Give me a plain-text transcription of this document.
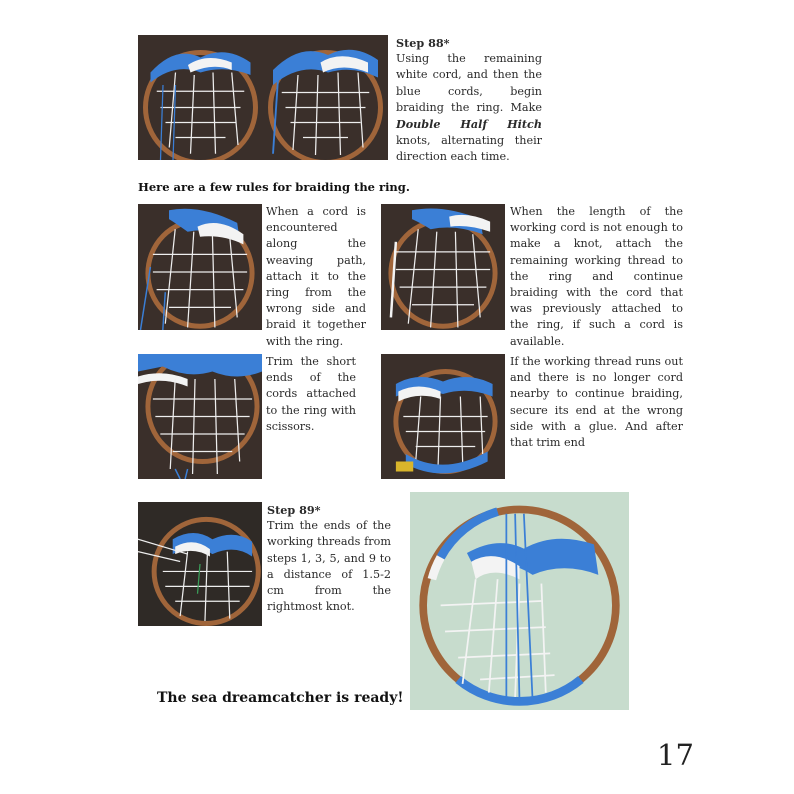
Step 88*
Using the remaining white cord, and then the blue cords, begin braiding the ring. Make Double Half Hitch knots, alternating their direction each time.
Here are a few rules for braiding the ring.
When a cord is encountered along the weaving path, attach it to the ring from the wrong side and braid it together with the ring.
When the length of the working cord is not enough to make a knot, attach the remaining working thread to the ring and continue braiding with the cord that was previously attached to the ring, if such a cord is available.
Trim the short ends of the cords attached to the ring with scissors.
If the working thread runs out and there is no longer cord nearby to continue braiding, secure its end at the wrong side with a glue. And after that trim end
Step 89*
Trim the ends of the working threads from steps 1, 3, 5, and 9 to a distance of 1.5-2 cm from the rightmost knot.
The sea dreamcatcher is ready!
17
